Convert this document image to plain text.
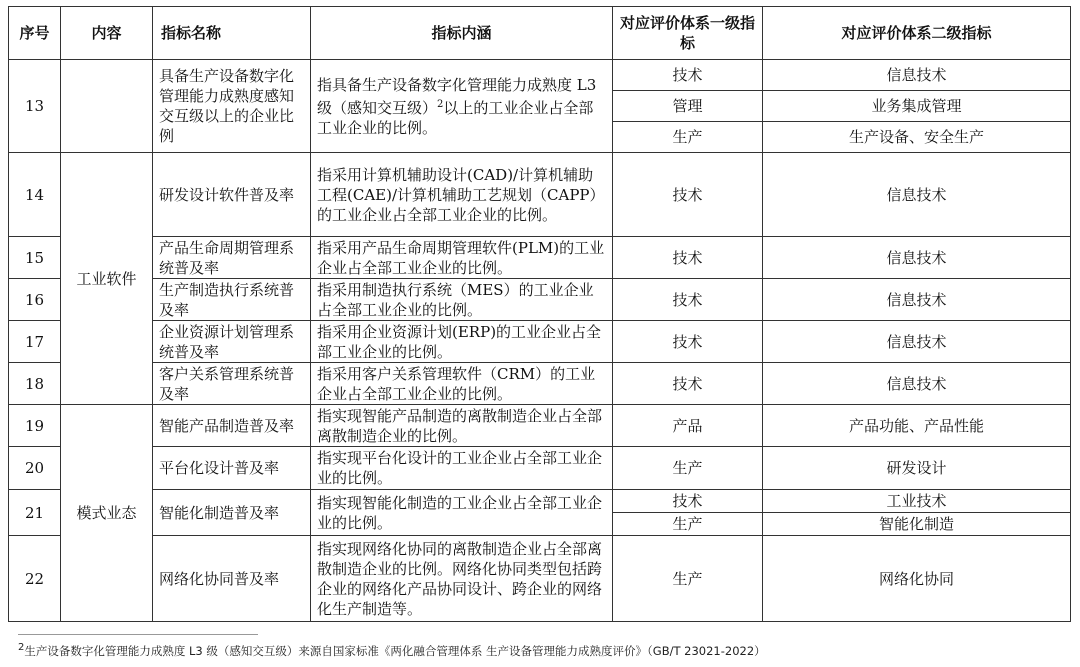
序号	内容	指标名称	指标内涵	对应评价体系一级指标	对应评价体系二级指标
13		具备生产设备数字化管理能力成熟度感知交互级以上的企业比例	指具备生产设备数字化管理能力成熟度 L3 级（感知交互级）$^2$以上的工业企业占全部工业企业的比例。	技术	信息技术
				管理	业务集成管理
				生产	生产设备、安全生产
14	工业软件	研发设计软件普及率	指采用计算机辅助设计(CAD)/计算机辅助工程(CAE)/计算机辅助工艺规划（CAPP）的工业企业占全部工业企业的比例。	技术	信息技术
15		产品生命周期管理系统普及率	指采用产品生命周期管理软件(PLM)的工业企业占全部工业企业的比例。	技术	信息技术
16		生产制造执行系统普及率	指采用制造执行系统（MES）的工业企业占全部工业企业的比例。	技术	信息技术
17		企业资源计划管理系统普及率	指采用企业资源计划(ERP)的工业企业占全部工业企业的比例。	技术	信息技术
18		客户关系管理系统普及率	指采用客户关系管理软件（CRM）的工业企业占全部工业企业的比例。	技术	信息技术
19	模式业态	智能产品制造普及率	指实现智能产品制造的离散制造企业占全部离散制造企业的比例。	产品	产品功能、产品性能
20		平台化设计普及率	指实现平台化设计的工业企业占全部工业企业的比例。	生产	研发设计
21		智能化制造普及率	指实现智能化制造的工业企业占全部工业企业的比例。	技术	工业技术
				生产	智能化制造
22		网络化协同普及率	指实现网络化协同的离散制造企业占全部离散制造企业的比例。网络化协同类型包括跨企业的网络化产品协同设计、跨企业的网络化生产制造等。	生产	网络化协同
$^2$生产设备数字化管理能力成熟度 L3 级（感知交互级）来源自国家标准《两化融合管理体系 生产设备管理能力成熟度评价》（GB/T 23021-2022）
